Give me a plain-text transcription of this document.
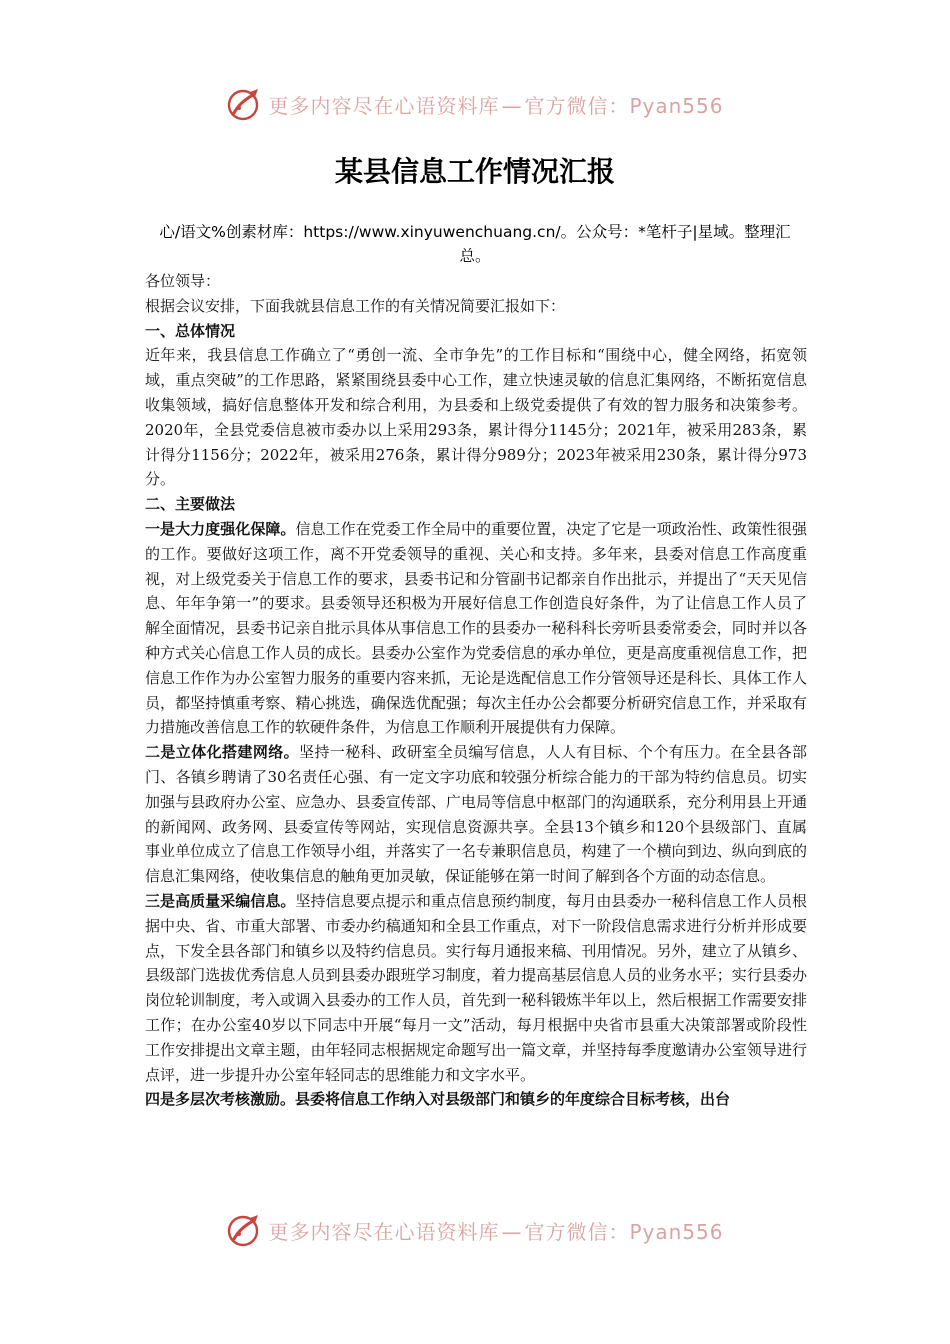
更多内容尽在心语资料库 — 官方微信：Pyan556
某县信息工作情况汇报
心/语文%创素材库：https://www.xinyuwenchuang.cn/。公众号：*笔杆子|星域。整理汇总。

各位领导：

根据会议安排，下面我就县信息工作的有关情况简要汇报如下：

一、总体情况

近年来，我县信息工作确立了“勇创一流、全市争先”的工作目标和“围绕中心，健全网络，拓宽领域，重点突破”的工作思路，紧紧围绕县委中心工作，建立快速灵敏的信息汇集网络，不断拓宽信息收集领域，搞好信息整体开发和综合利用，为县委和上级党委提供了有效的智力服务和决策参考。2020年，全县党委信息被市委办以上采用293条，累计得分1145分；2021年，被采用283条，累计得分1156分；2022年，被采用276条，累计得分989分；2023年被采用230条，累计得分973分。

二、主要做法

一是大力度强化保障。信息工作在党委工作全局中的重要位置，决定了它是一项政治性、政策性很强的工作。要做好这项工作，离不开党委领导的重视、关心和支持。多年来，县委对信息工作高度重视，对上级党委关于信息工作的要求，县委书记和分管副书记都亲自作出批示，并提出了“天天见信息、年年争第一”的要求。县委领导还积极为开展好信息工作创造良好条件，为了让信息工作人员了解全面情况，县委书记亲自批示具体从事信息工作的县委办一秘科科长旁听县委常委会，同时并以各种方式关心信息工作人员的成长。县委办公室作为党委信息的承办单位，更是高度重视信息工作，把信息工作作为办公室智力服务的重要内容来抓，无论是选配信息工作分管领导还是科长、具体工作人员，都坚持慎重考察、精心挑选，确保选优配强；每次主任办公会都要分析研究信息工作，并采取有力措施改善信息工作的软硬件条件，为信息工作顺利开展提供有力保障。

二是立体化搭建网络。坚持一秘科、政研室全员编写信息，人人有目标、个个有压力。在全县各部门、各镇乡聘请了30名责任心强、有一定文字功底和较强分析综合能力的干部为特约信息员。切实加强与县政府办公室、应急办、县委宣传部、广电局等信息中枢部门的沟通联系，充分利用县上开通的新闻网、政务网、县委宣传等网站，实现信息资源共享。全县13个镇乡和120个县级部门、直属事业单位成立了信息工作领导小组，并落实了一名专兼职信息员，构建了一个横向到边、纵向到底的信息汇集网络，使收集信息的触角更加灵敏，保证能够在第一时间了解到各个方面的动态信息。

三是高质量采编信息。坚持信息要点提示和重点信息预约制度，每月由县委办一秘科信息工作人员根据中央、省、市重大部署、市委办约稿通知和全县工作重点，对下一阶段信息需求进行分析并形成要点，下发全县各部门和镇乡以及特约信息员。实行每月通报来稿、刊用情况。另外，建立了从镇乡、县级部门选拔优秀信息人员到县委办跟班学习制度，着力提高基层信息人员的业务水平；实行县委办岗位轮训制度，考入或调入县委办的工作人员，首先到一秘科锻炼半年以上，然后根据工作需要安排工作；在办公室40岁以下同志中开展“每月一文”活动，每月根据中央省市县重大决策部署或阶段性工作安排提出文章主题，由年轻同志根据规定命题写出一篇文章，并坚持每季度邀请办公室领导进行点评，进一步提升办公室年轻同志的思维能力和文字水平。

四是多层次考核激励。县委将信息工作纳入对县级部门和镇乡的年度综合目标考核，出台

更多内容尽在心语资料库 — 官方微信：Pyan556
